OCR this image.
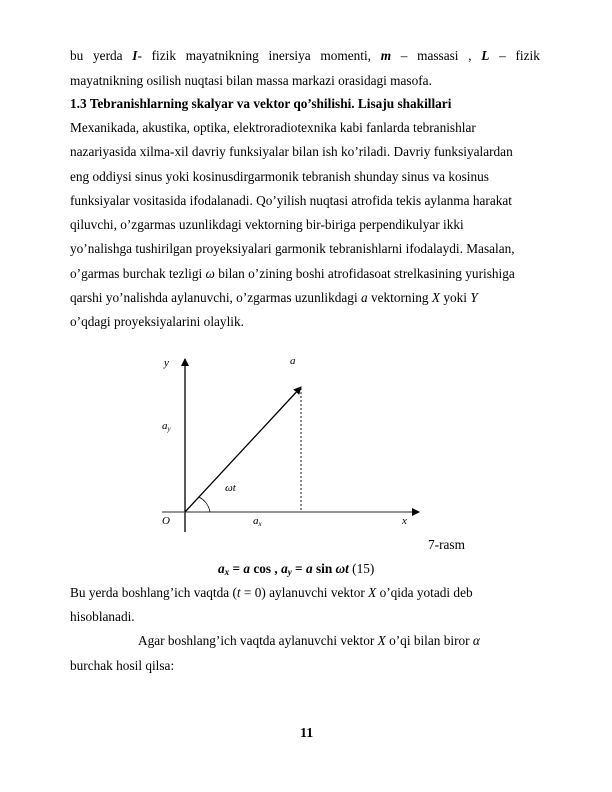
bu yerda I- fizik mayatnikning inersiya momenti, m – massasi , L – fizik
mayatnikning osilish nuqtasi bilan massa markazi orasidagi masofa.
1.3 Tebranishlarning skalyar va vektor qo’shilishi. Lisaju shakillari
Mexanikada, akustika, optika, elektroradiotexnika kabi fanlarda tebranishlar
nazariyasida xilma-xil davriy funksiyalar bilan ish ko’riladi. Davriy funksiyalardan
eng oddiysi sinus yoki kosinusdirgarmonik tebranish shunday sinus va kosinus
funksiyalar vositasida ifodalanadi. Qo’yilish nuqtasi atrofida tekis aylanma harakat
qiluvchi, o’zgarmas uzunlikdagi vektorning bir-biriga perpendikulyar ikki
yo’nalishga tushirilgan proyeksiyalari garmonik tebranishlarni ifodalaydi. Masalan,
o’garmas burchak tezligi ω bilan o’zining boshi atrofidasoat strelkasining yurishiga
qarshi yo’nalishda aylanuvchi, o’zgarmas uzunlikdagi a vektorning X yoki Y
o’qdagi proyeksiyalarini olaylik.
y	a
ay
ωt
O	ax	x
7-rasm
ax = a cos , ay = a sin ωt (15)
Bu yerda boshlang’ich vaqtda (t = 0) aylanuvchi vektor X o’qida yotadi deb
hisoblanadi.
Agar boshlang’ich vaqtda aylanuvchi vektor X o’qi bilan biror α
burchak hosil qilsa:
11
